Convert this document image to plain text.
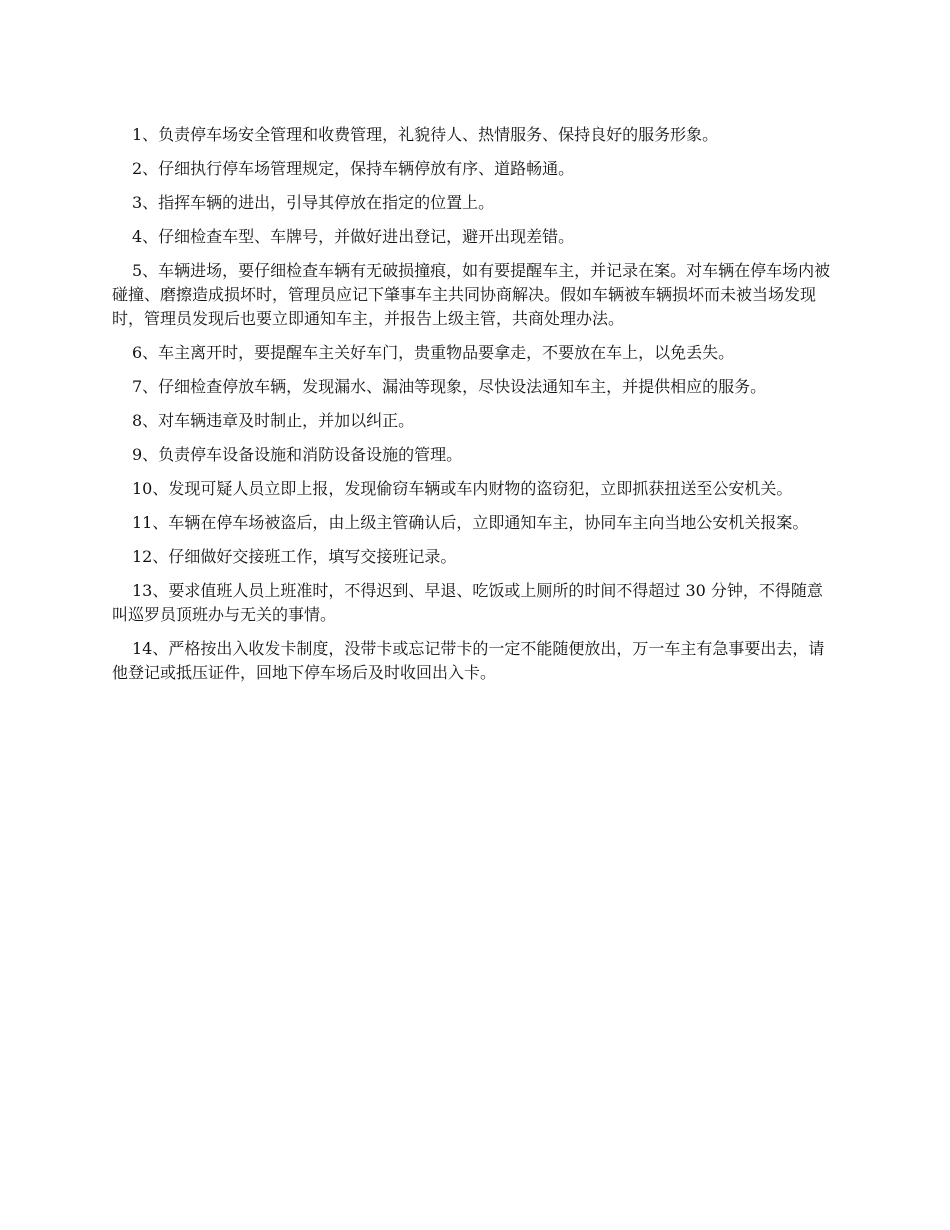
1、负责停车场安全管理和收费管理，礼貌待人、热情服务、保持良好的服务形象。

2、仔细执行停车场管理规定，保持车辆停放有序、道路畅通。

3、指挥车辆的进出，引导其停放在指定的位置上。

4、仔细检查车型、车牌号，并做好进出登记，避开出现差错。

5、车辆进场，要仔细检查车辆有无破损撞痕，如有要提醒车主，并记录在案。对车辆在停车场内被碰撞、磨擦造成损坏时，管理员应记下肇事车主共同协商解决。假如车辆被车辆损坏而未被当场发现时，管理员发现后也要立即通知车主，并报告上级主管，共商处理办法。

6、车主离开时，要提醒车主关好车门，贵重物品要拿走，不要放在车上，以免丢失。

7、仔细检查停放车辆，发现漏水、漏油等现象，尽快设法通知车主，并提供相应的服务。

8、对车辆违章及时制止，并加以纠正。

9、负责停车设备设施和消防设备设施的管理。

10、发现可疑人员立即上报，发现偷窃车辆或车内财物的盗窃犯，立即抓获扭送至公安机关。

11、车辆在停车场被盗后，由上级主管确认后，立即通知车主，协同车主向当地公安机关报案。

12、仔细做好交接班工作，填写交接班记录。

13、要求值班人员上班准时，不得迟到、早退、吃饭或上厕所的时间不得超过 30 分钟，不得随意叫巡罗员顶班办与无关的事情。

14、严格按出入收发卡制度，没带卡或忘记带卡的一定不能随便放出，万一车主有急事要出去，请他登记或抵压证件，回地下停车场后及时收回出入卡。
